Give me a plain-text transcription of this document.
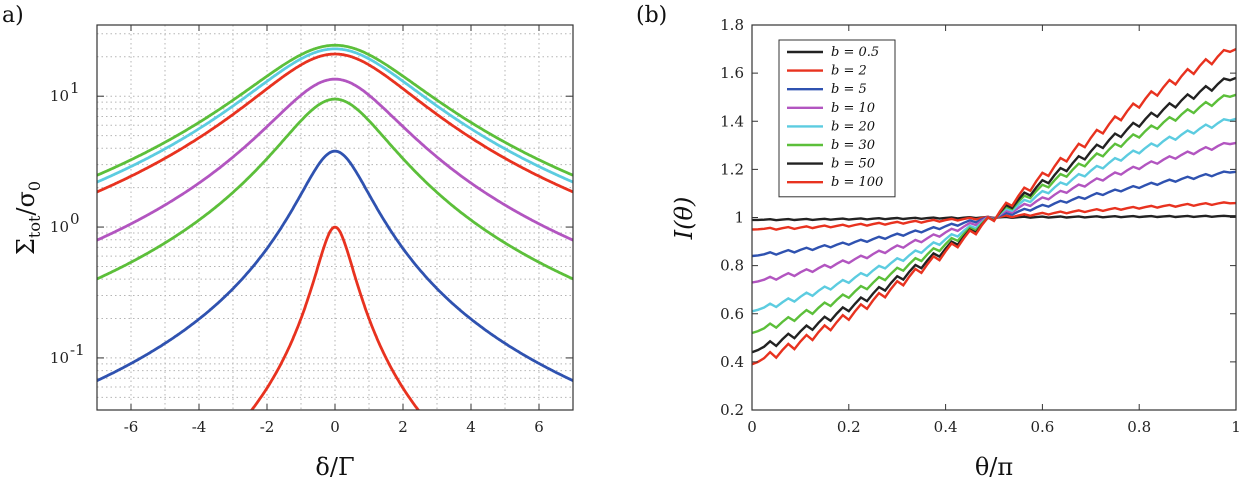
a)	(b)
-6	-4	-2	0	2	4	6
10 -1
10 0
10 1
δ/Γ
$\Sigma_{tot}/\sigma_0$
0	0.2	0.4	0.6	0.8	1
0.2
0.4
0.6
0.8
1
1.2
1.4
1.6
1.8
b = 0.5
b = 2
b = 5
b = 10
b = 20
b = 30
b = 50
b = 100
θ/π
I(θ)
